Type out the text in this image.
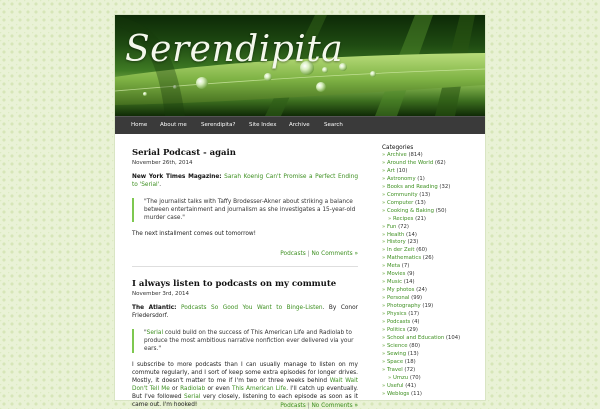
Serendipita
Home About me	Serendipita? Site Index Archive	Search
Serial Podcast - again
November 26th, 2014

New York Times Magazine: Sarah Koenig Can't Promise a Perfect Ending to 'Serial'.

"The journalist talks with Taffy Brodesser-Akner about striking a balance between entertainment and journalism as she investigates a 15-year-old murder case."

The next installment comes out tomorrow!

Podcasts | No Comments »
I always listen to podcasts on my commute
November 3rd, 2014

The Atlantic: Podcasts So Good You Want to Binge-Listen. By Conor Friedersdorf.

"Serial could build on the success of This American Life and Radiolab to produce the most ambitious narrative nonfiction ever delivered via your ears."

I subscribe to more podcasts than I can usually manage to listen on my commute regularly, and I sort of keep some extra episodes for longer drives. Mostly, it doesn't matter to me if I'm two or three weeks behind Wait Wait Don't Tell Me or Radiolab or even This American Life. I'll catch up eventually. But I've followed Serial very closely, listening to each episode as soon as it came out. I'm hooked!	Podcasts | No Comments »
Categories
» Archive (814)
» Around the World (62)
» Art (10)
» Astronomy (1)
» Books and Reading (32)
» Community (13)
» Computer (13)
» Cooking & Baking (50)
» Recipes (21)
» Fun (72)
» Health (14)
» History (23)
» In der Zeit (60)
» Mathematics (26)
» Meta (7)
» Movies (9)
» Music (14)
» My photos (24)
» Personal (99)
» Photography (19)
» Physics (17)
» Podcasts (4)
» Politics (29)
» School and Education (104)
» Science (80)
» Sewing (13)
» Space (18)
» Travel (72)
» Umzu (70)
» Useful (41)
» Weblogs (11)
